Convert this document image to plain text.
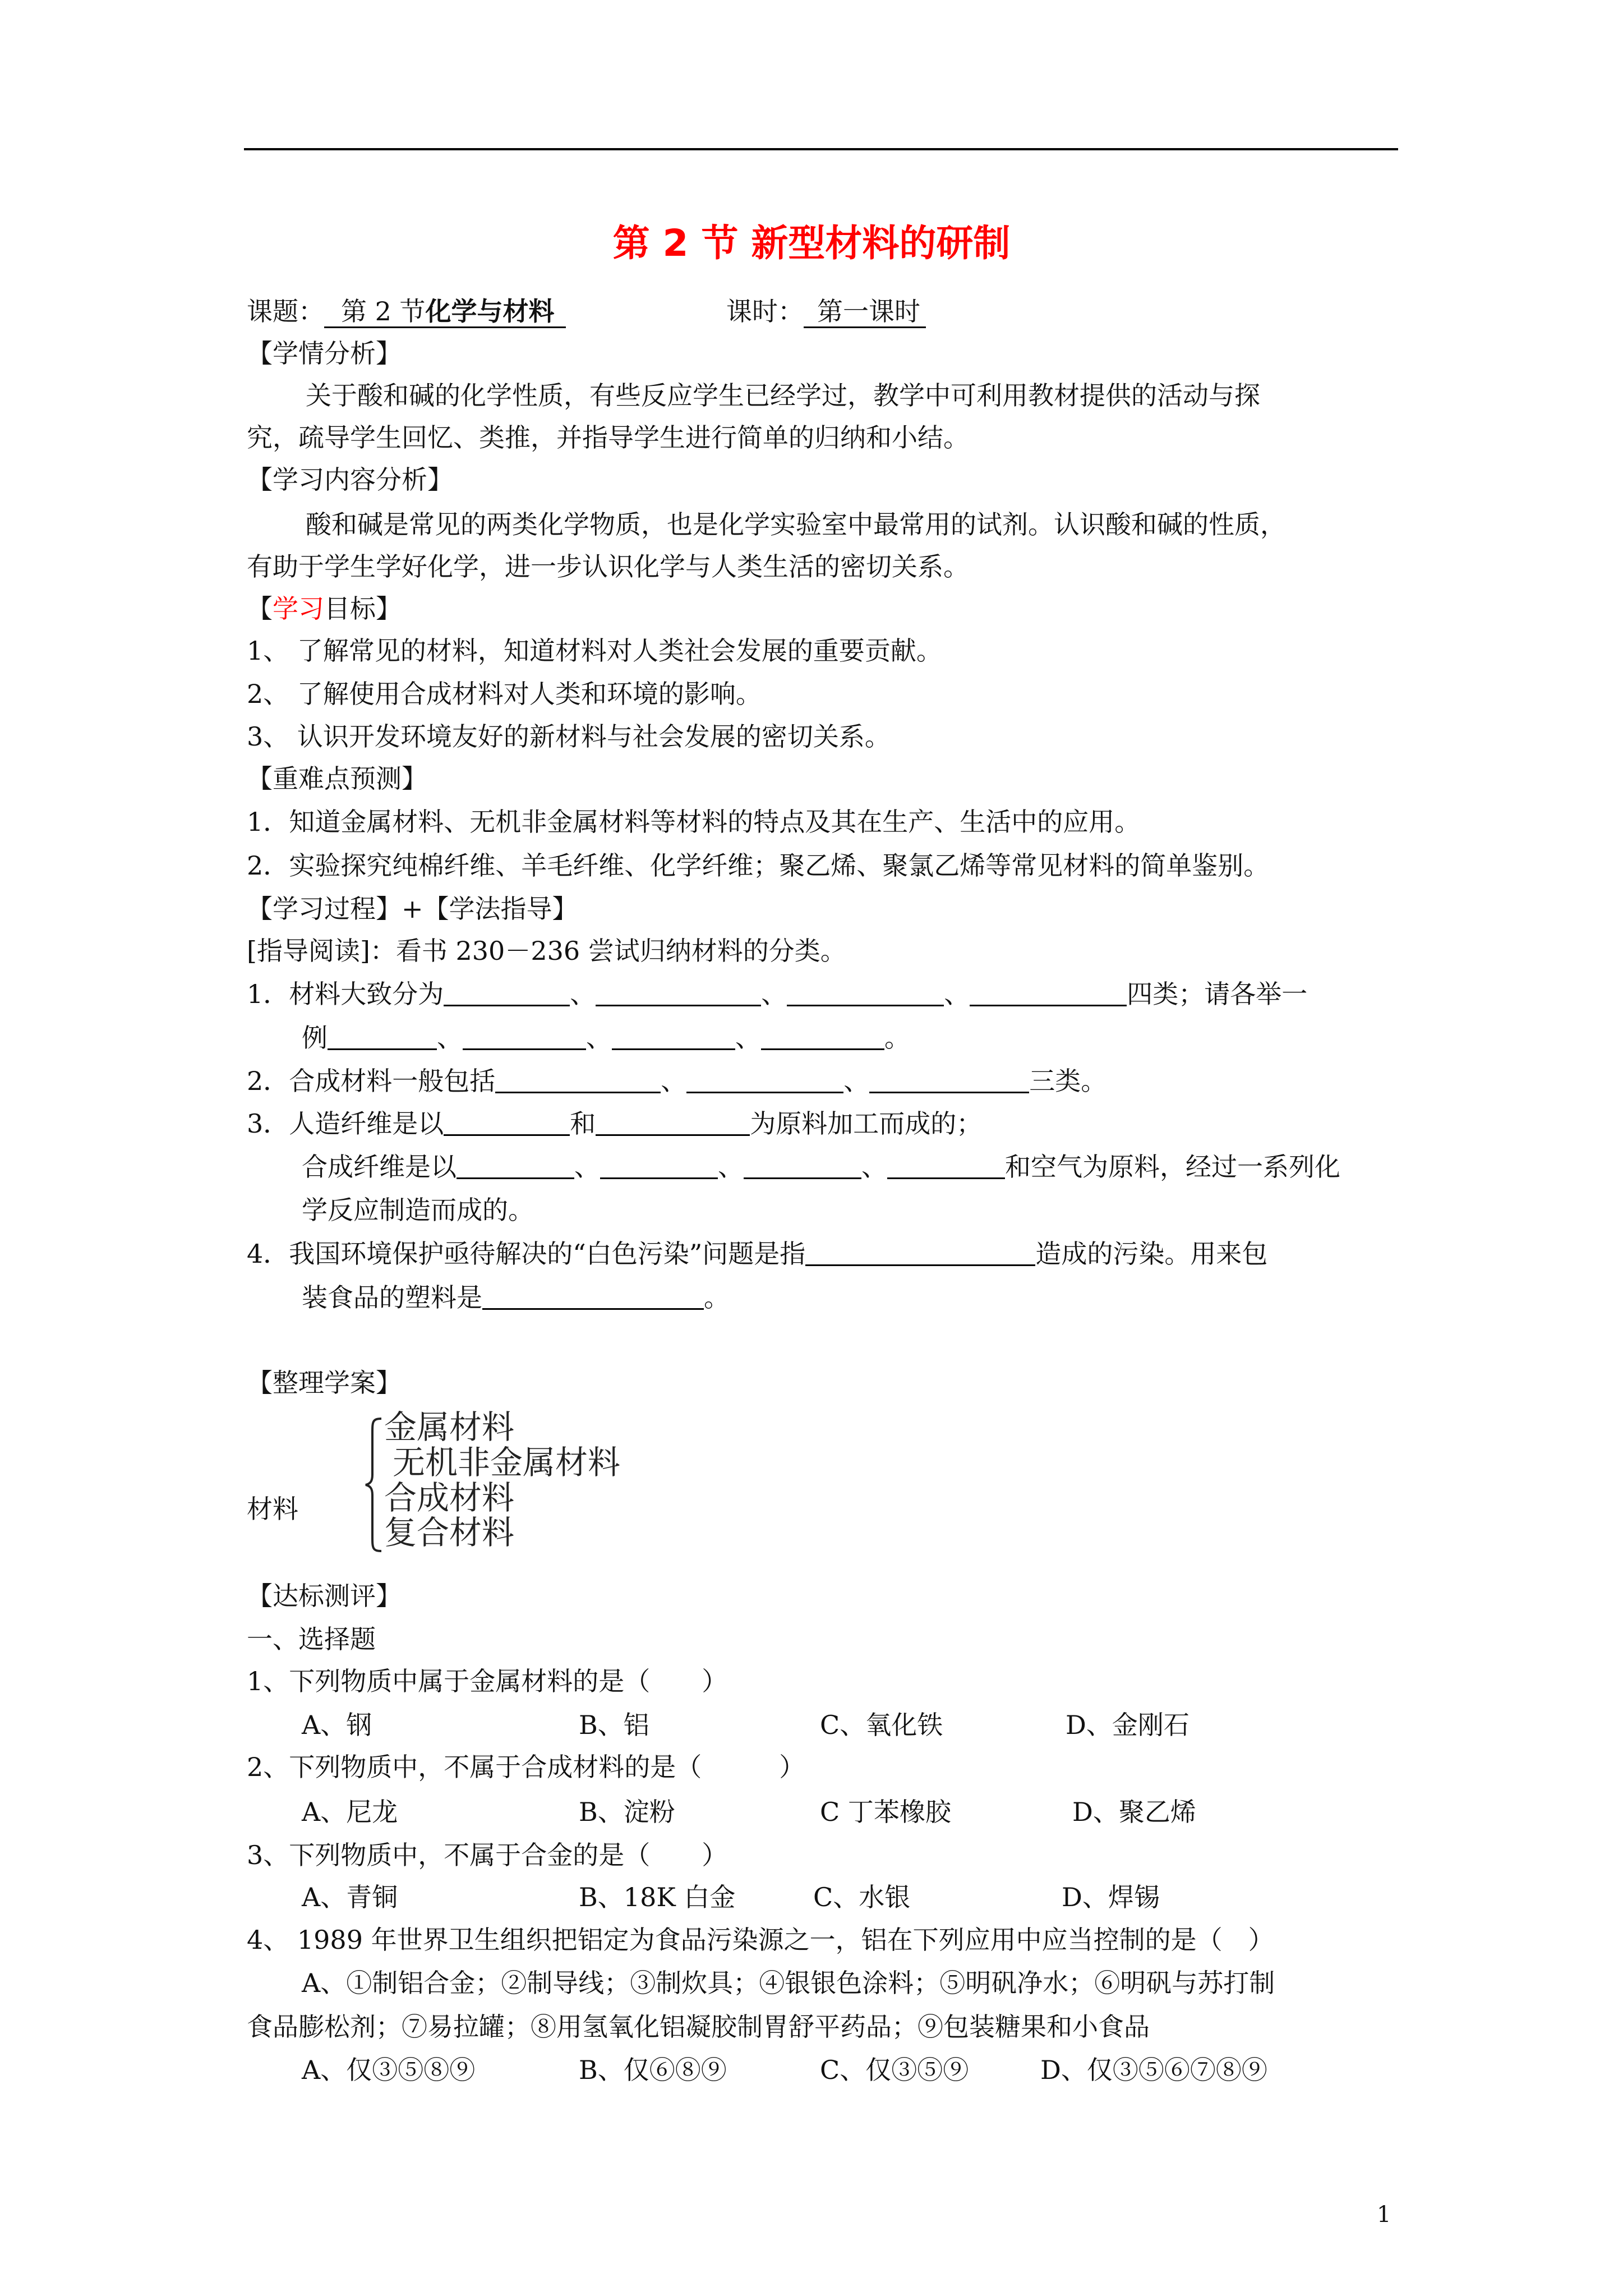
第 2 节 新型材料的研制
课题： 第 2 节化学与材料	课时： 第一课时
【学情分析】
关于酸和碱的化学性质，有些反应学生已经学过，教学中可利用教材提供的活动与探
究，疏导学生回忆、类推，并指导学生进行简单的归纳和小结。
【学习内容分析】
酸和碱是常见的两类化学物质，也是化学实验室中最常用的试剂。认识酸和碱的性质，
有助于学生学好化学，进一步认识化学与人类生活的密切关系。
【学习目标】
1、 了解常见的材料，知道材料对人类社会发展的重要贡献。
2、 了解使用合成材料对人类和环境的影响。
3、 认识开发环境友好的新材料与社会发展的密切关系。
【重难点预测】
1．知道金属材料、无机非金属材料等材料的特点及其在生产、生活中的应用。
2．实验探究纯棉纤维、羊毛纤维、化学纤维；聚乙烯、聚氯乙烯等常见材料的简单鉴别。
【学习过程】+【学法指导】
[指导阅读]：看书 230－236 尝试归纳材料的分类。
1．材料大致分为	、	、	、	四类；请各举一
例	、	、	、	。
2．合成材料一般包括	、	、	三类。
3．人造纤维是以	和	为原料加工而成的；
合成纤维是以	、	、	、	和空气为原料，经过一系列化
学反应制造而成的。
4．我国环境保护亟待解决的“白色污染”问题是指	造成的污染。用来包
装食品的塑料是	。
【整理学案】
材料
金属材料
无机非金属材料
合成材料
复合材料
【达标测评】
一、选择题
1、下列物质中属于金属材料的是（　　）
A、钢	B、铝	C、氧化铁	D、金刚石
2、下列物质中，不属于合成材料的是（　　　）
A、尼龙	B、淀粉	C 丁苯橡胶	D、聚乙烯
3、下列物质中，不属于合金的是（　　）
A、青铜	B、18K 白金	C、水银	D、焊锡
4、 1989 年世界卫生组织把铝定为食品污染源之一，铝在下列应用中应当控制的是（　）
A、①制铝合金；②制导线；③制炊具；④银银色涂料；⑤明矾净水；⑥明矾与苏打制
食品膨松剂；⑦易拉罐；⑧用氢氧化铝凝胶制胃舒平药品；⑨包装糖果和小食品
A、仅③⑤⑧⑨	B、仅⑥⑧⑨	C、仅③⑤⑨	D、仅③⑤⑥⑦⑧⑨
1
